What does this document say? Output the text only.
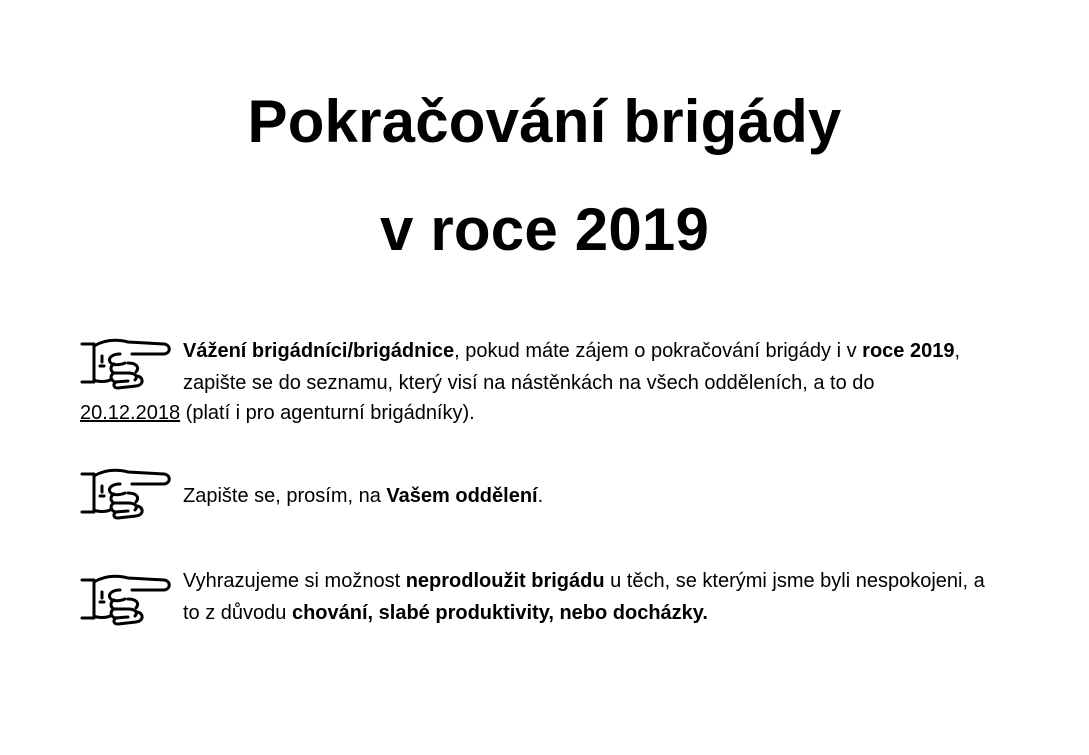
Pokračování brigády
v roce 2019
Vážení brigádníci/brigádnice, pokud máte zájem o pokračování brigády i v roce 2019, zapište se do seznamu, který visí na nástěnkách na všech odděleních, a to do
20.12.2018 (platí i pro agenturní brigádníky).
Zapište se, prosím, na Vašem oddělení.
Vyhrazujeme si možnost neprodloužit brigádu u těch, se kterými jsme byli nespokojeni, a to z důvodu chování, slabé produktivity, nebo docházky.
